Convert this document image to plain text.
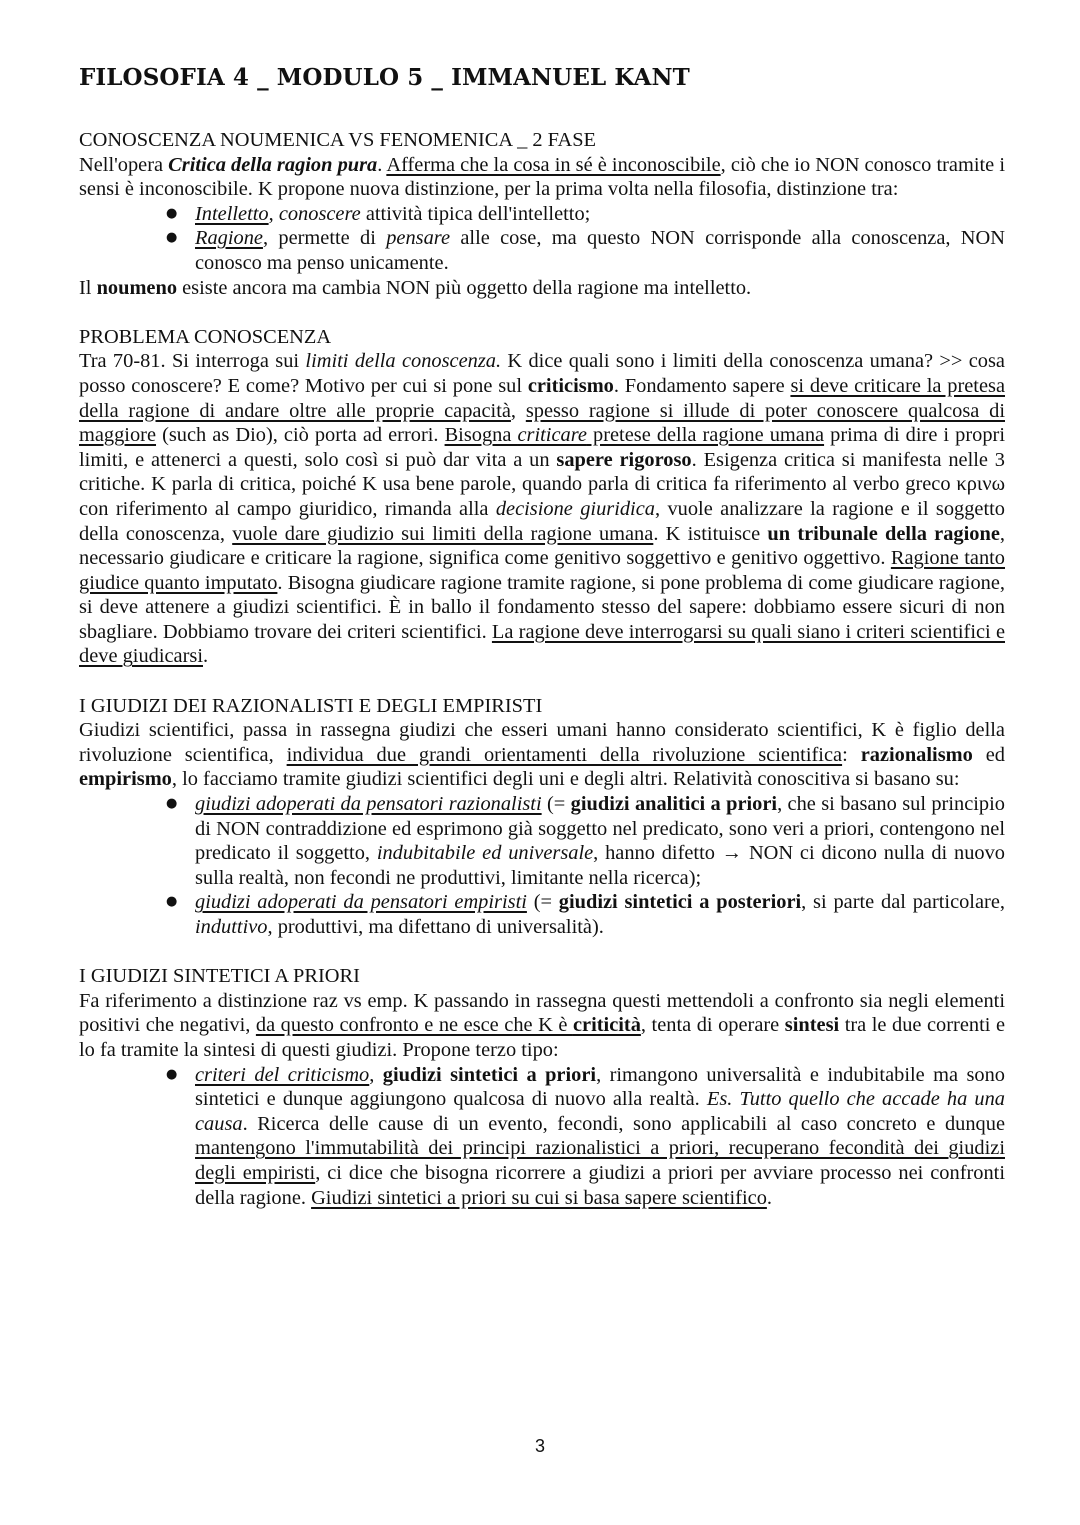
FILOSOFIA 4 _ MODULO 5 _ IMMANUEL KANT

CONOSCENZA NOUMENICA VS FENOMENICA _ 2 FASE

Nell'opera Critica della ragion pura. Afferma che la cosa in sé è inconoscibile, ciò che io NON conosco tramite i sensi è inconoscibile. K propone nuova distinzione, per la prima volta nella filosofia, distinzione tra:

● Intelletto, conoscere attività tipica dell'intelletto;
● Ragione, permette di pensare alle cose, ma questo NON corrisponde alla conoscenza, NON conosco ma penso unicamente.

Il noumeno esiste ancora ma cambia NON più oggetto della ragione ma intelletto.

PROBLEMA CONOSCENZA

Tra 70-81. Si interroga sui limiti della conoscenza. K dice quali sono i limiti della conoscenza umana? >> cosa posso conoscere? E come? Motivo per cui si pone sul criticismo. Fondamento sapere si deve criticare la pretesa della ragione di andare oltre alle proprie capacità, spesso ragione si illude di poter conoscere qualcosa di maggiore (such as Dio), ciò porta ad errori. Bisogna criticare pretese della ragione umana prima di dire i propri limiti, e attenerci a questi, solo così si può dar vita a un sapere rigoroso. Esigenza critica si manifesta nelle 3 critiche. K parla di critica, poiché K usa bene parole, quando parla di critica fa riferimento al verbo greco κρινω con riferimento al campo giuridico, rimanda alla decisione giuridica, vuole analizzare la ragione e il soggetto della conoscenza, vuole dare giudizio sui limiti della ragione umana. K istituisce un tribunale della ragione, necessario giudicare e criticare la ragione, significa come genitivo soggettivo e genitivo oggettivo. Ragione tanto giudice quanto imputato. Bisogna giudicare ragione tramite ragione, si pone problema di come giudicare ragione, si deve attenere a giudizi scientifici. È in ballo il fondamento stesso del sapere: dobbiamo essere sicuri di non sbagliare. Dobbiamo trovare dei criteri scientifici. La ragione deve interrogarsi su quali siano i criteri scientifici e deve giudicarsi.

I GIUDIZI DEI RAZIONALISTI E DEGLI EMPIRISTI

Giudizi scientifici, passa in rassegna giudizi che esseri umani hanno considerato scientifici, K è figlio della rivoluzione scientifica, individua due grandi orientamenti della rivoluzione scientifica: razionalismo ed empirismo, lo facciamo tramite giudizi scientifici degli uni e degli altri. Relatività conoscitiva si basano su:

● giudizi adoperati da pensatori razionalisti (= giudizi analitici a priori, che si basano sul principio di NON contraddizione ed esprimono già soggetto nel predicato, sono veri a priori, contengono nel predicato il soggetto, indubitabile ed universale, hanno difetto → NON ci dicono nulla di nuovo sulla realtà, non fecondi ne produttivi, limitante nella ricerca);
● giudizi adoperati da pensatori empiristi (= giudizi sintetici a posteriori, si parte dal particolare, induttivo, produttivi, ma difettano di universalità).

I GIUDIZI SINTETICI A PRIORI

Fa riferimento a distinzione raz vs emp. K passando in rassegna questi mettendoli a confronto sia negli elementi positivi che negativi, da questo confronto e ne esce che K è criticità, tenta di operare sintesi tra le due correnti e lo fa tramite la sintesi di questi giudizi. Propone terzo tipo:

● criteri del criticismo, giudizi sintetici a priori, rimangono universalità e indubitabile ma sono sintetici e dunque aggiungono qualcosa di nuovo alla realtà. Es. Tutto quello che accade ha una causa. Ricerca delle cause di un evento, fecondi, sono applicabili al caso concreto e dunque mantengono l'immutabilità dei principi razionalistici a priori, recuperano fecondità dei giudizi degli empiristi, ci dice che bisogna ricorrere a giudizi a priori per avviare processo nei confronti della ragione. Giudizi sintetici a priori su cui si basa sapere scientifico.
3
